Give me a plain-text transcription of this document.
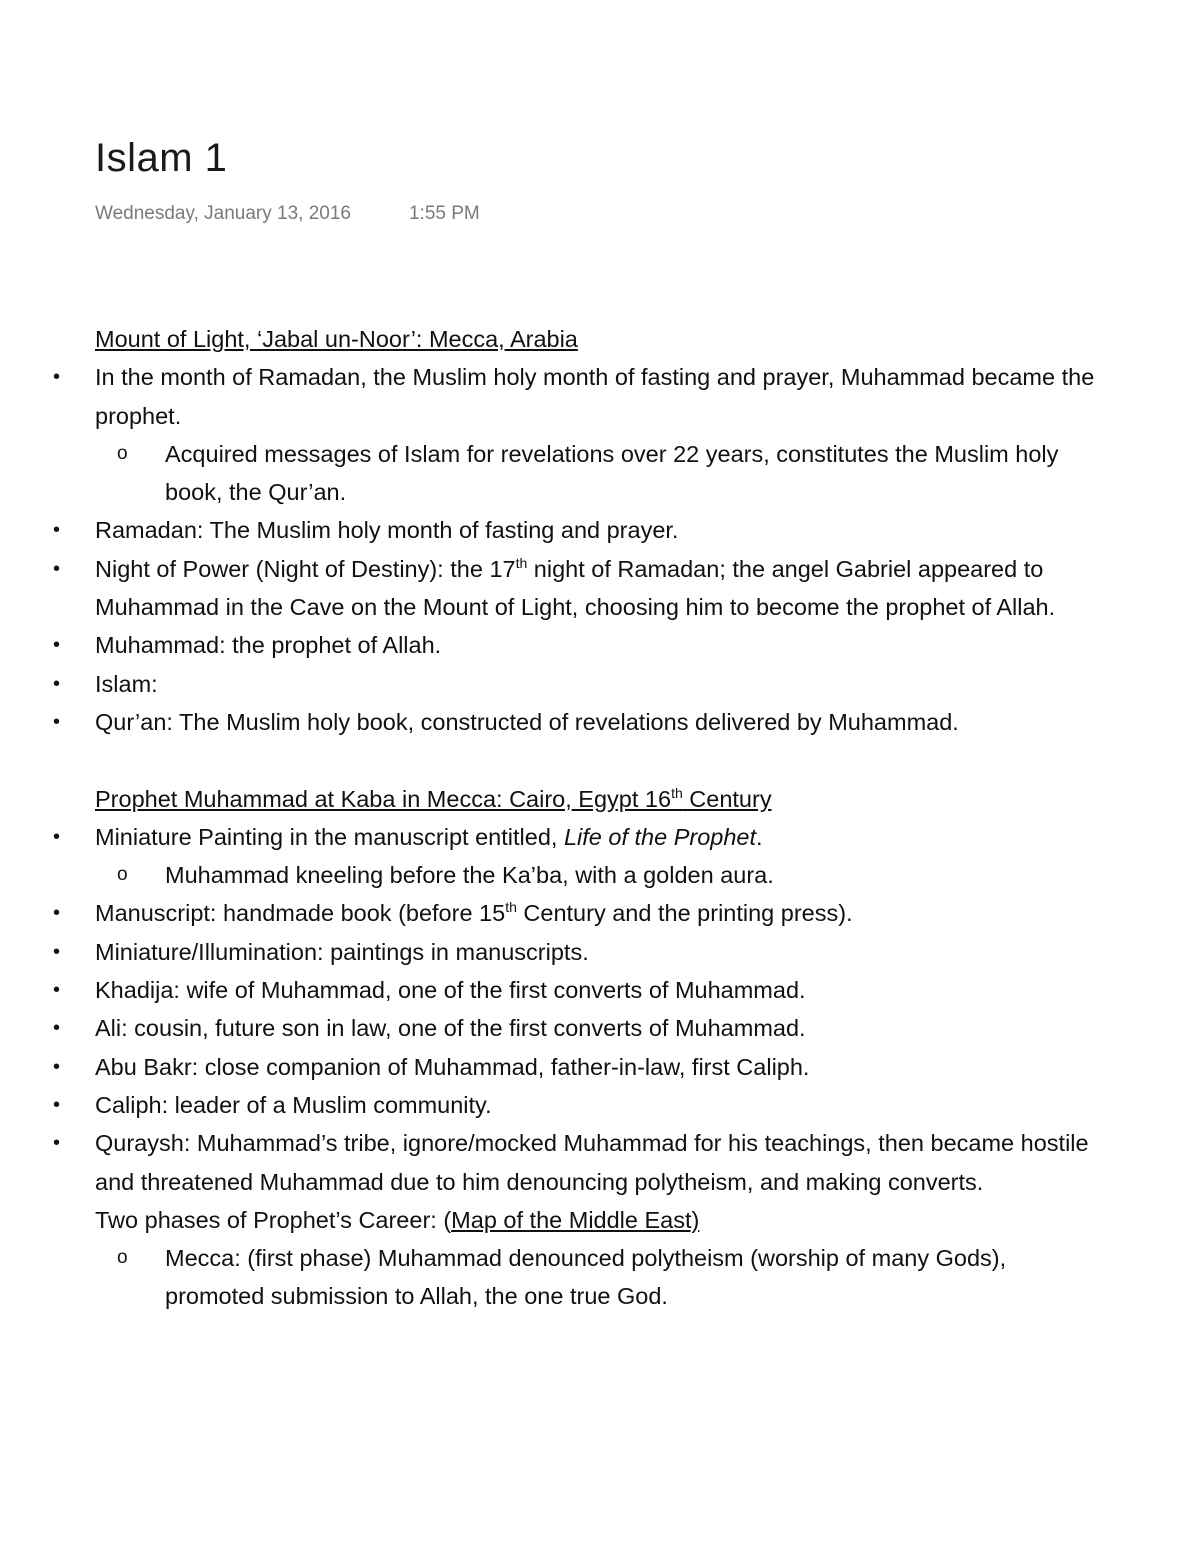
Islam 1
Wednesday, January 13, 2016	1:55 PM
Mount of Light, ‘Jabal un-Noor’: Mecca, Arabia
• In the month of Ramadan, the Muslim holy month of fasting and prayer, Muhammad became the prophet.
o Acquired messages of Islam for revelations over 22 years, constitutes the Muslim holy book, the Qur’an.
• Ramadan: The Muslim holy month of fasting and prayer.
• Night of Power (Night of Destiny): the 17th night of Ramadan; the angel Gabriel appeared to Muhammad in the Cave on the Mount of Light, choosing him to become the prophet of Allah.
• Muhammad: the prophet of Allah.
• Islam:
• Qur’an: The Muslim holy book, constructed of revelations delivered by Muhammad.
Prophet Muhammad at Kaba in Mecca: Cairo, Egypt 16th Century
• Miniature Painting in the manuscript entitled, Life of the Prophet.
o Muhammad kneeling before the Ka’ba, with a golden aura.
• Manuscript: handmade book (before 15th Century and the printing press).
• Miniature/Illumination: paintings in manuscripts.
• Khadija: wife of Muhammad, one of the first converts of Muhammad.
• Ali: cousin, future son in law, one of the first converts of Muhammad.
• Abu Bakr: close companion of Muhammad, father-in-law, first Caliph.
• Caliph: leader of a Muslim community.
• Quraysh: Muhammad’s tribe, ignore/mocked Muhammad for his teachings, then became hostile and threatened Muhammad due to him denouncing polytheism, and making converts.
Two phases of Prophet’s Career: (Map of the Middle East)
o Mecca: (first phase) Muhammad denounced polytheism (worship of many Gods), promoted submission to Allah, the one true God.
